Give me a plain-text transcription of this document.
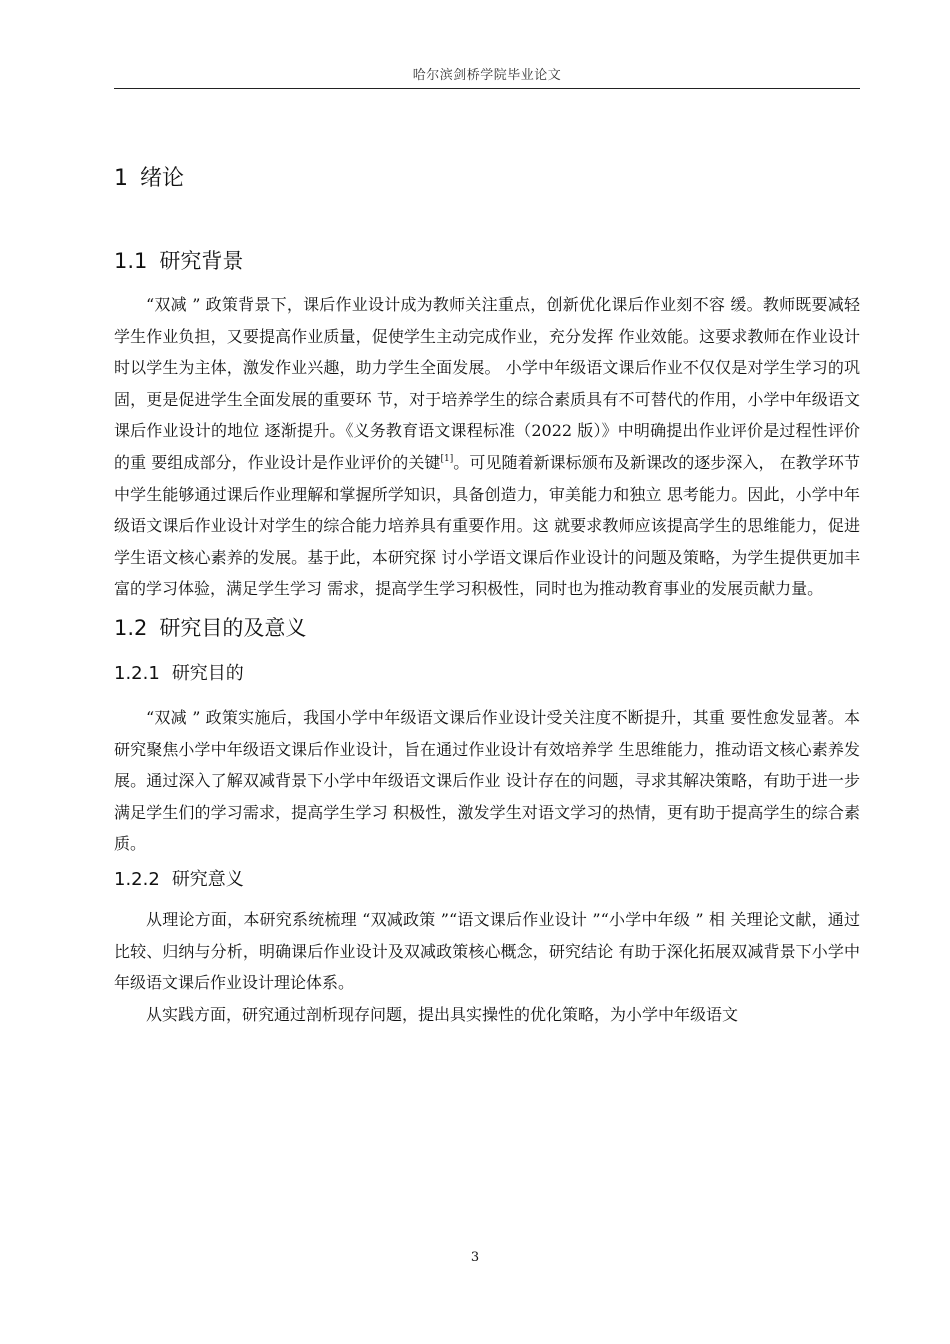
哈尔滨剑桥学院毕业论文
1 绪论
1.1 研究背景

“双减 ” 政策背景下，课后作业设计成为教师关注重点，创新优化课后作业刻不容 缓。教师既要减轻学生作业负担，又要提高作业质量，促使学生主动完成作业，充分发挥 作业效能。这要求教师在作业设计时以学生为主体，激发作业兴趣，助力学生全面发展。 小学中年级语文课后作业不仅仅是对学生学习的巩固，更是促进学生全面发展的重要环 节，对于培养学生的综合素质具有不可替代的作用，小学中年级语文课后作业设计的地位 逐渐提升。《义务教育语文课程标准（2022 版）》中明确提出作业评价是过程性评价的重 要组成部分，作业设计是作业评价的关键[1]。可见随着新课标颁布及新课改的逐步深入， 在教学环节中学生能够通过课后作业理解和掌握所学知识，具备创造力，审美能力和独立 思考能力。因此，小学中年级语文课后作业设计对学生的综合能力培养具有重要作用。这 就要求教师应该提高学生的思维能力，促进学生语文核心素养的发展。基于此，本研究探 讨小学语文课后作业设计的问题及策略，为学生提供更加丰富的学习体验，满足学生学习 需求，提高学生学习积极性，同时也为推动教育事业的发展贡献力量。

1.2 研究目的及意义
1.2.1 研究目的

“双减 ” 政策实施后，我国小学中年级语文课后作业设计受关注度不断提升，其重 要性愈发显著。本研究聚焦小学中年级语文课后作业设计，旨在通过作业设计有效培养学 生思维能力，推动语文核心素养发展。通过深入了解双减背景下小学中年级语文课后作业 设计存在的问题，寻求其解决策略，有助于进一步满足学生们的学习需求，提高学生学习 积极性，激发学生对语文学习的热情，更有助于提高学生的综合素质。

1.2.2 研究意义

从理论方面，本研究系统梳理 “双减政策 ”“语文课后作业设计 ”“小学中年级 ” 相 关理论文献，通过比较、归纳与分析，明确课后作业设计及双减政策核心概念，研究结论 有助于深化拓展双减背景下小学中年级语文课后作业设计理论体系。

从实践方面，研究通过剖析现存问题，提出具实操性的优化策略，为小学中年级语文

3
